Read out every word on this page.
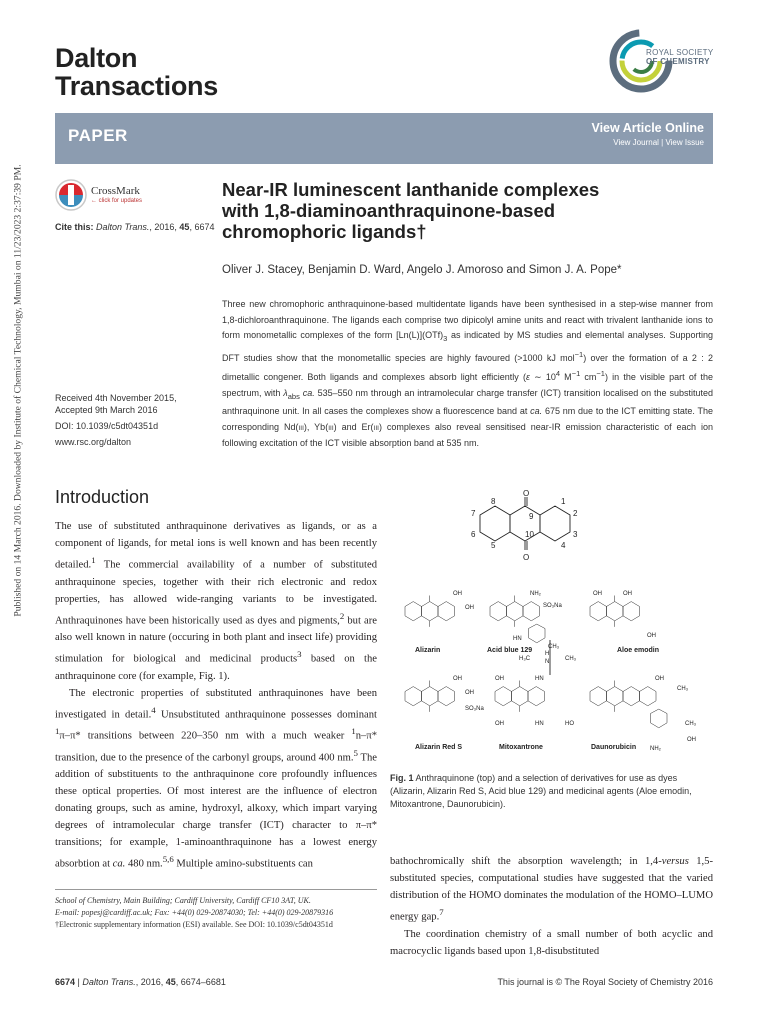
Published on 14 March 2016. Downloaded by Institute of Chemical Technology, Mumbai on 11/23/2023 2:37:39 PM.
Dalton
Transactions
ROYAL SOCIETY
OF CHEMISTRY
PAPER	View Article Online
View Journal | View Issue
CrossMark
← click for updates
Cite this: Dalton Trans., 2016, 45, 6674
Near-IR luminescent lanthanide complexes
with 1,8-diaminoanthraquinone-based
chromophoric ligands†
Oliver J. Stacey, Benjamin D. Ward, Angelo J. Amoroso and Simon J. A. Pope*
Received 4th November 2015,
Accepted 9th March 2016
DOI: 10.1039/c5dt04351d
www.rsc.org/dalton
Three new chromophoric anthraquinone-based multidentate ligands have been synthesised in a step-wise manner from 1,8-dichloroanthraquinone. The ligands each comprise two dipicolyl amine units and react with trivalent lanthanide ions to form monometallic complexes of the form $[Ln(L)](OTf)_3$ as indicated by MS studies and elemental analyses. Supporting DFT studies show that the monometallic species are highly favoured (>1000 kJ mol$^{-1}$) over the formation of a 2 : 2 dimetallic congener. Both ligands and complexes absorb light efficiently (ε ∼ $10^4$ $M^{-1}$ $cm^{-1}$) in the visible part of the spectrum, with $\lambda_{abs}$ ca. 535–550 nm through an intramolecular charge transfer (ICT) transition localised on the substituted anthraquinone unit. In all cases the complexes show a fluorescence band at ca. 675 nm due to the ICT emitting state. The corresponding Nd(III), Yb(III) and Er(III) complexes also reveal sensitised near-IR emission characteristic of each ion following excitation of the ICT visible absorption band at 535 nm.
Introduction

The use of substituted anthraquinone derivatives as ligands, or as a component of ligands, for metal ions is well known and has been recently detailed.$^1$ The commercial availability of a number of substituted anthraquinone species, together with their rich electronic and redox properties, has allowed wide-ranging variants to be investigated. Anthraquinones have been historically used as dyes and pigments,$^2$ but are also well known in nature (occuring in both plant and insect life) providing stimulation for biological and medicinal products$^3$ based on the anthraquinone core (for example, Fig. 1).

The electronic properties of substituted anthraquinones have been investigated in detail.$^4$ Unsubstituted anthraquinone possesses dominant $^1$π–π* transitions between 220–350 nm with a much weaker $^1$n–π* transition, due to the presence of the carbonyl groups, around 400 nm.$^5$ The addition of substituents to the anthraquinone core profoundly influences these optical properties. Of most interest are the influence of electron donating groups, such as amine, hydroxyl, alkoxy, which impart varying degrees of intramolecular charge transfer (ICT) character to π–π* transitions; for example, 1-aminoanthraquinone has a lowest energy absorbtion at ca. 480 nm.$^{5,6}$ Multiple amino-substituents can

School of Chemistry, Main Building; Cardiff University, Cardiff CF10 3AT, UK.
E-mail: popesj@cardiff.ac.uk; Fax: +44(0) 029-20874030; Tel: +44(0) 029-20879316
†Electronic supplementary information (ESI) available. See DOI: 10.1039/c5dt04351d
O
O
1
2
3
4
5
6
7
8
9
10
OH
OH
NH₂
SO₃Na
HN
CH₃
H₃C	CH₃
OH	OH
OH
OH
OH
SO₃Na
OH	HN
OH	HN	HO
H
N
OH
CH₃
CH₃
NH₂
OH
Alizarin	Acid blue 129	Aloe emodin
Alizarin Red S	Mitoxantrone	Daunorubicin
Fig. 1 Anthraquinone (top) and a selection of derivatives for use as dyes (Alizarin, Alizarin Red S, Acid blue 129) and medicinal agents (Aloe emodin, Mitoxantrone, Daunorubicin).

bathochromically shift the absorption wavelength; in 1,4-versus 1,5-substituted species, computational studies have suggested that the varied distribution of the HOMO dominates the modulation of the HOMO–LUMO energy gap.$^7$

The coordination chemistry of a small number of both acyclic and macrocyclic ligands based upon 1,8-disubstituted

6674 | Dalton Trans., 2016, 45, 6674–6681	This journal is © The Royal Society of Chemistry 2016
